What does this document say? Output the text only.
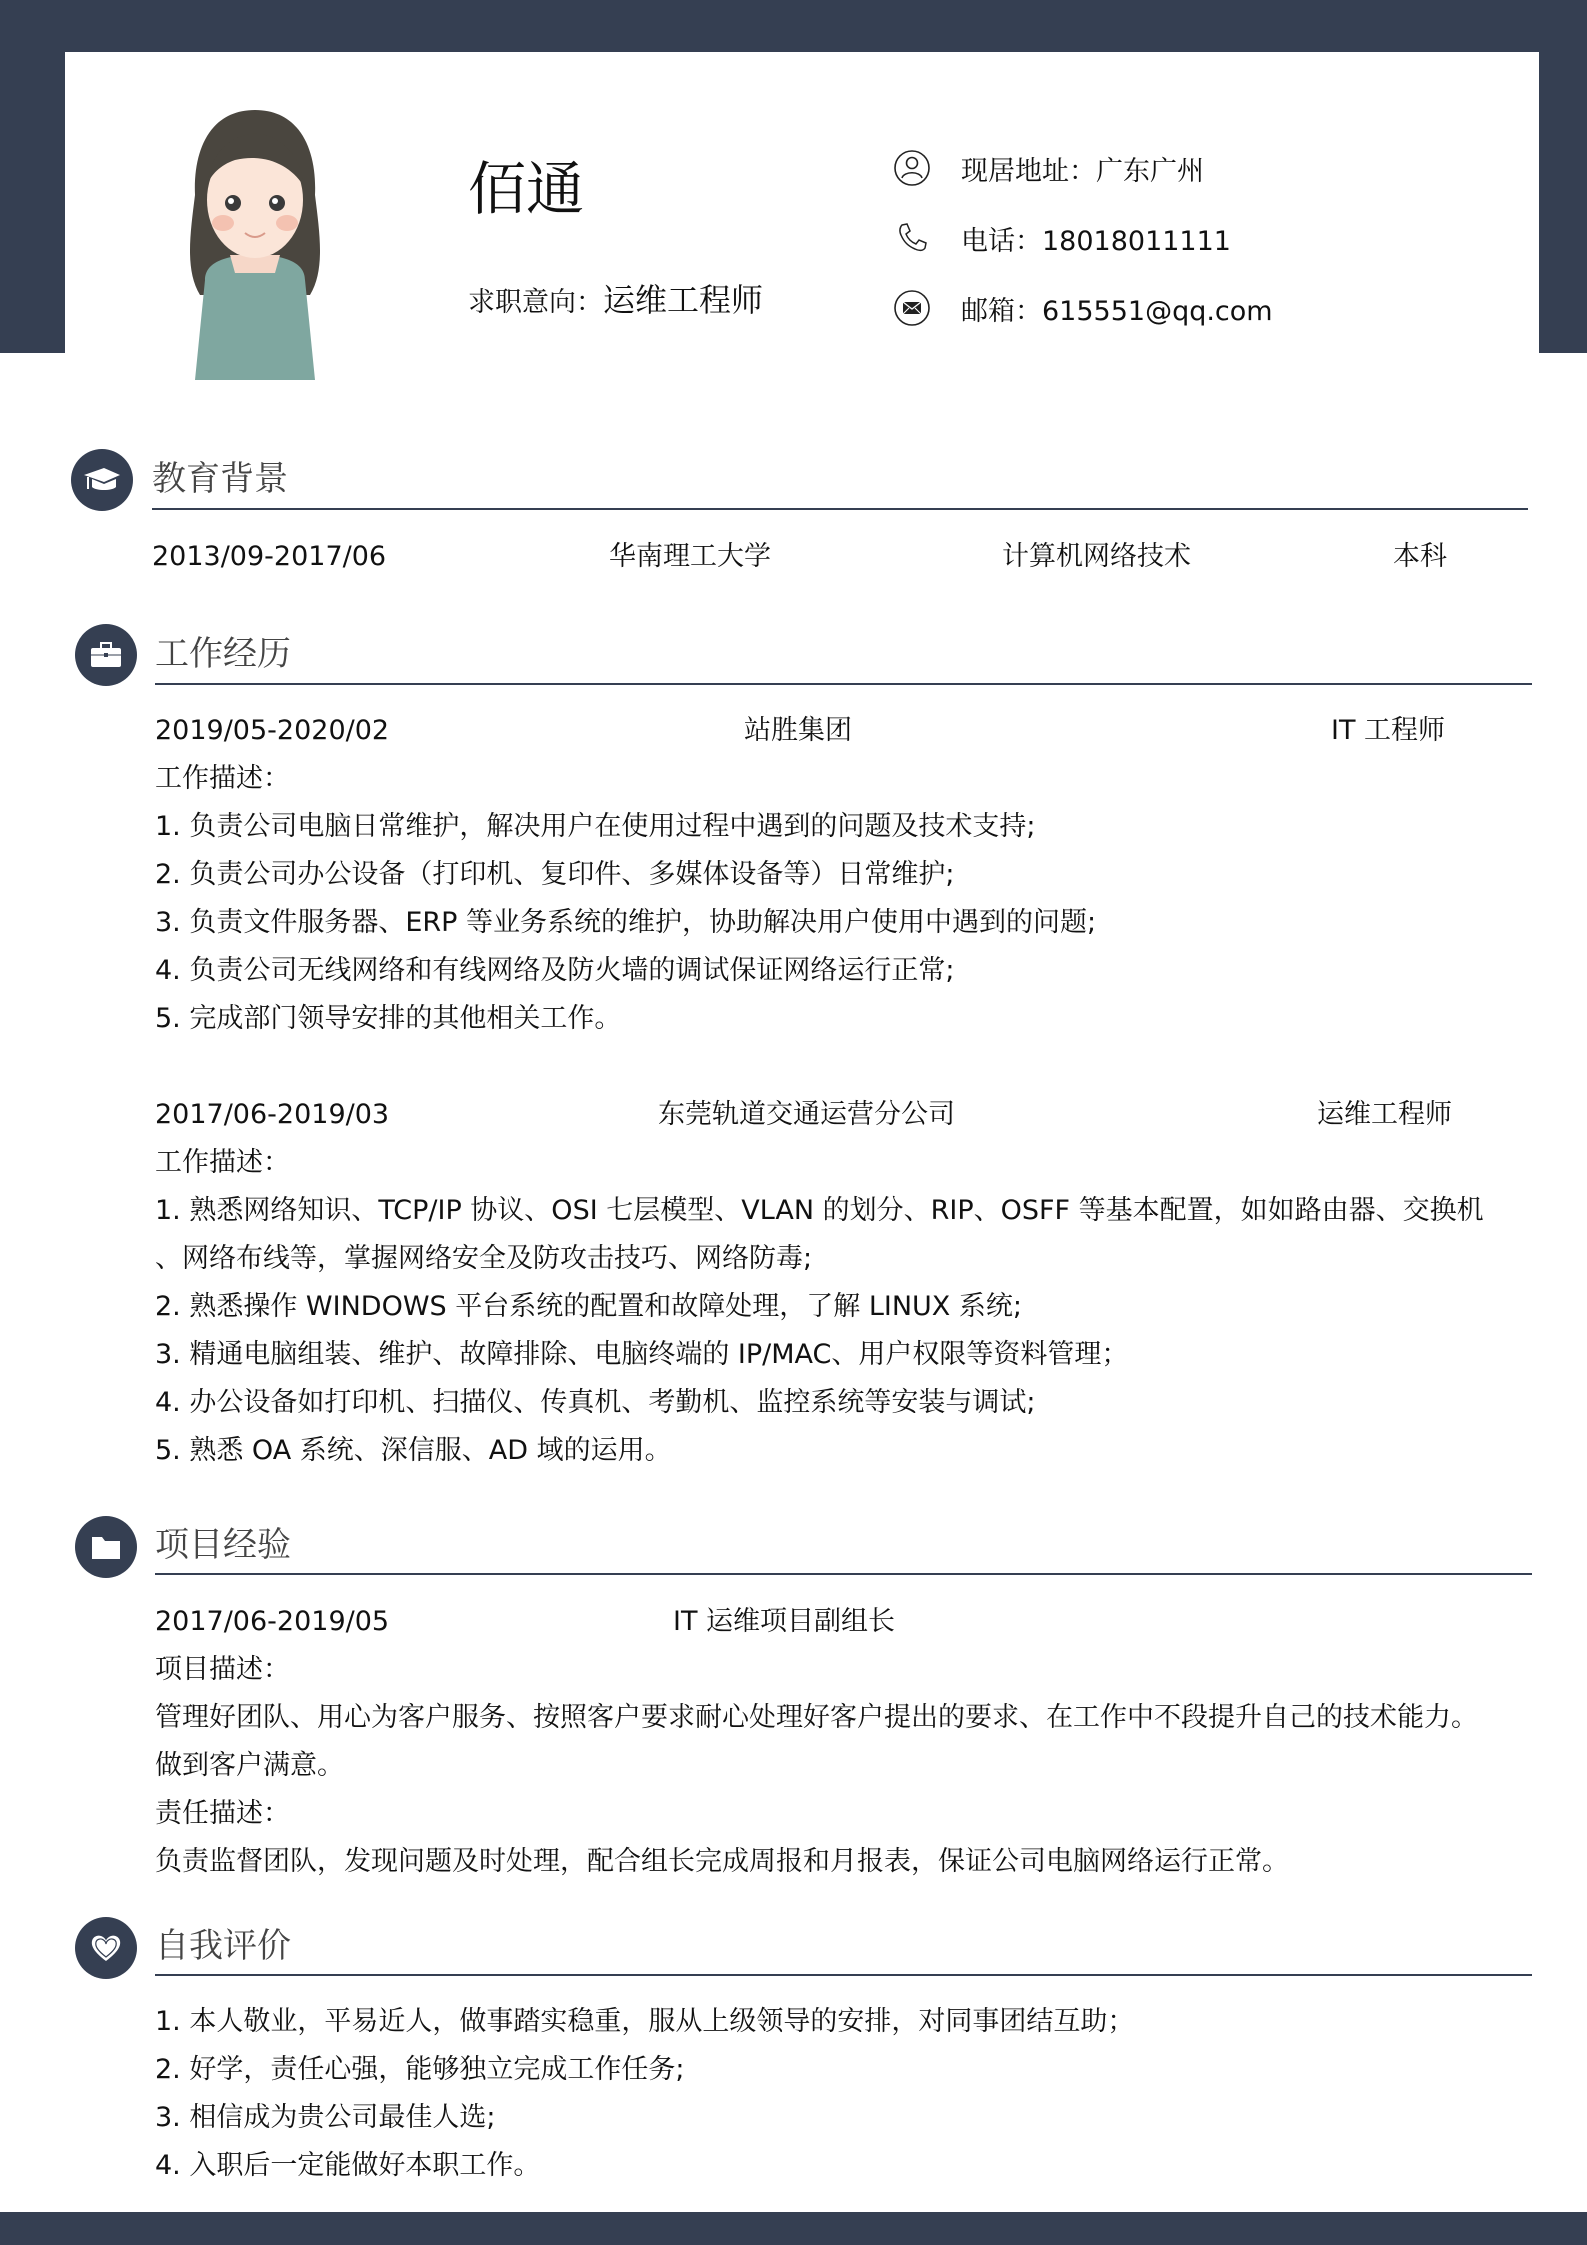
佰通
求职意向：运维工程师
现居地址：广东广州
电话：18018011111
邮箱：615551@qq.com
教育背景
2013/09-2017/06	华南理工大学	计算机网络技术	本科
工作经历
2019/05-2020/02	站胜集团	IT 工程师
工作描述：
1. 负责公司电脑日常维护，解决用户在使用过程中遇到的问题及技术支持;
2. 负责公司办公设备（打印机、复印件、多媒体设备等）日常维护;
3. 负责文件服务器、ERP 等业务系统的维护，协助解决用户使用中遇到的问题;
4. 负责公司无线网络和有线网络及防火墙的调试保证网络运行正常;
5. 完成部门领导安排的其他相关工作。
2017/06-2019/03	东莞轨道交通运营分公司	运维工程师
工作描述：
1. 熟悉网络知识、TCP/IP 协议、OSI 七层模型、VLAN 的划分、RIP、OSFF 等基本配置，如如路由器、交换机
、网络布线等，掌握网络安全及防攻击技巧、网络防毒;
2. 熟悉操作 WINDOWS 平台系统的配置和故障处理，了解 LINUX 系统;
3. 精通电脑组装、维护、故障排除、电脑终端的 IP/MAC、用户权限等资料管理；
4. 办公设备如打印机、扫描仪、传真机、考勤机、监控系统等安装与调试;
5. 熟悉 OA 系统、深信服、AD 域的运用。
项目经验
2017/06-2019/05	IT 运维项目副组长
项目描述：
管理好团队、用心为客户服务、按照客户要求耐心处理好客户提出的要求、在工作中不段提升自己的技术能力。
做到客户满意。
责任描述：
负责监督团队，发现问题及时处理，配合组长完成周报和月报表，保证公司电脑网络运行正常。
自我评价
1. 本人敬业，平易近人，做事踏实稳重，服从上级领导的安排，对同事团结互助；
2. 好学，责任心强，能够独立完成工作任务;
3. 相信成为贵公司最佳人选;
4. 入职后一定能做好本职工作。
